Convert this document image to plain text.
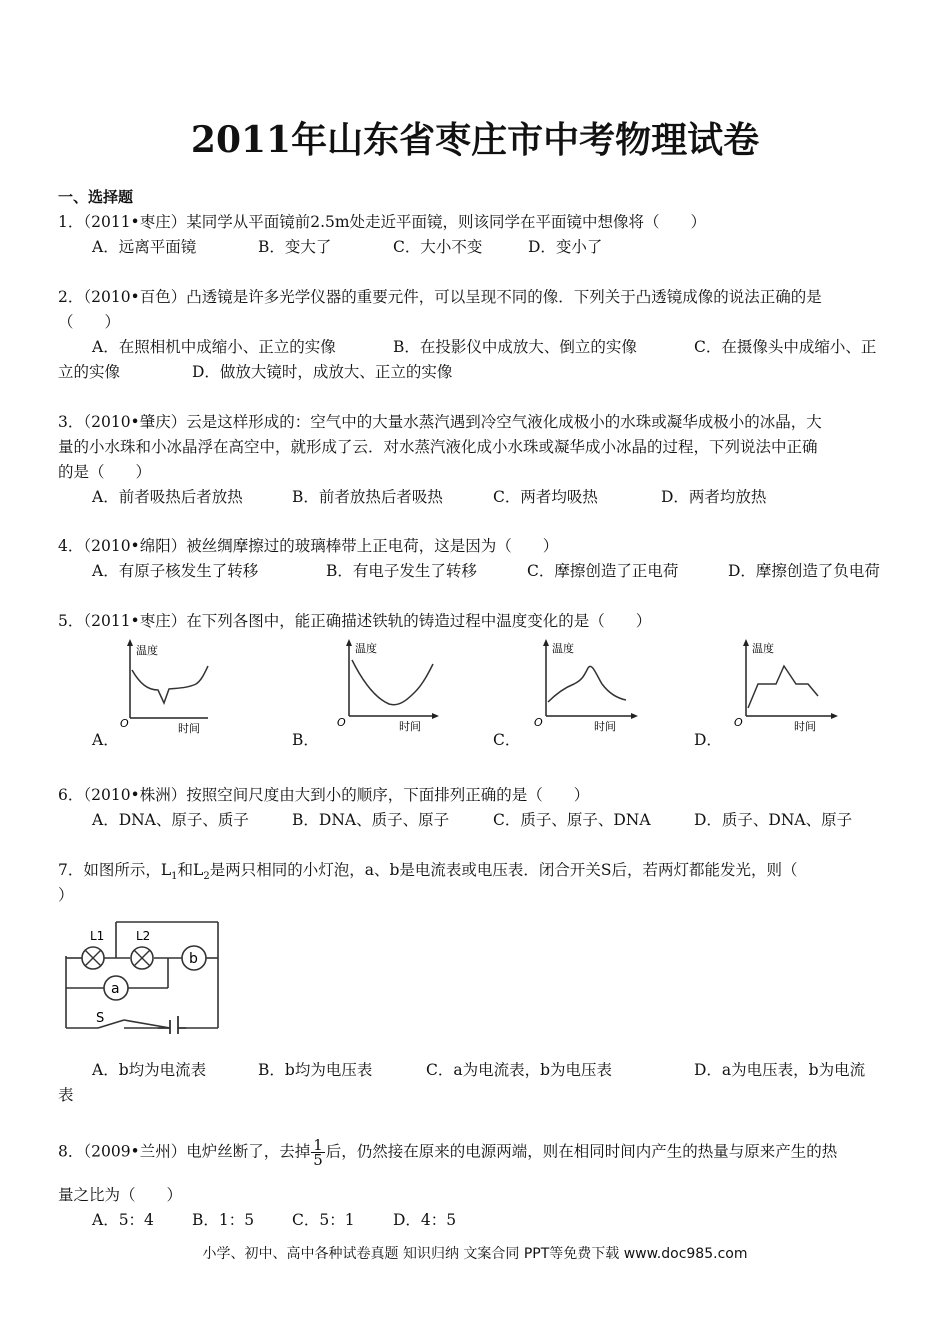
2011年山东省枣庄市中考物理试卷
一、选择题
1．（2011•枣庄）某同学从平面镜前2.5m处走近平面镜，则该同学在平面镜中想像将（　　）
A．远离平面镜	B．变大了	C．大小不变	D．变小了
2．（2010•百色）凸透镜是许多光学仪器的重要元件，可以呈现不同的像．下列关于凸透镜成像的说法正确的是
（　　）
A．在照相机中成缩小、正立的实像	B．在投影仪中成放大、倒立的实像	C．在摄像头中成缩小、正
立的实像	D．做放大镜时，成放大、正立的实像
3．（2010•肇庆）云是这样形成的：空气中的大量水蒸汽遇到冷空气液化成极小的水珠或凝华成极小的冰晶，大
量的小水珠和小冰晶浮在高空中，就形成了云．对水蒸汽液化成小水珠或凝华成小冰晶的过程，下列说法中正确
的是（　　）
A．前者吸热后者放热	B．前者放热后者吸热	C．两者均吸热	D．两者均放热
4．（2010•绵阳）被丝绸摩擦过的玻璃棒带上正电荷，这是因为（　　）
A．有原子核发生了转移	B．有电子发生了转移	C．摩擦创造了正电荷	D．摩擦创造了负电荷
5．（2011•枣庄）在下列各图中，能正确描述铁轨的铸造过程中温度变化的是（　　）
温度
时间
O
A．
温度
时间
O
B．
温度
时间
O
C．
温度
时间
O
D．
6．（2010•株洲）按照空间尺度由大到小的顺序，下面排列正确的是（　　）
A．DNA、原子、质子	B．DNA、质子、原子	C．质子、原子、DNA	D．质子、DNA、原子
7．如图所示，$L_1$和$L_2$是两只相同的小灯泡，a、b是电流表或电压表．闭合开关S后，若两灯都能发光，则（
）
b
a
L1	L2
S
A．b均为电流表	B．b均为电压表	C．a为电流表，b为电压表	D．a为电压表，b为电流
表
8．（2009•兰州）电炉丝断了，去掉 $\frac{1}{5}$ 后，仍然接在原来的电源两端，则在相同时间内产生的热量与原来产生的热
量之比为（　　）
A．5：4 B．1：5 C．5：1 D．4：5
小学、初中、高中各种试卷真题 知识归纳 文案合同 PPT等免费下载 www.doc985.com
